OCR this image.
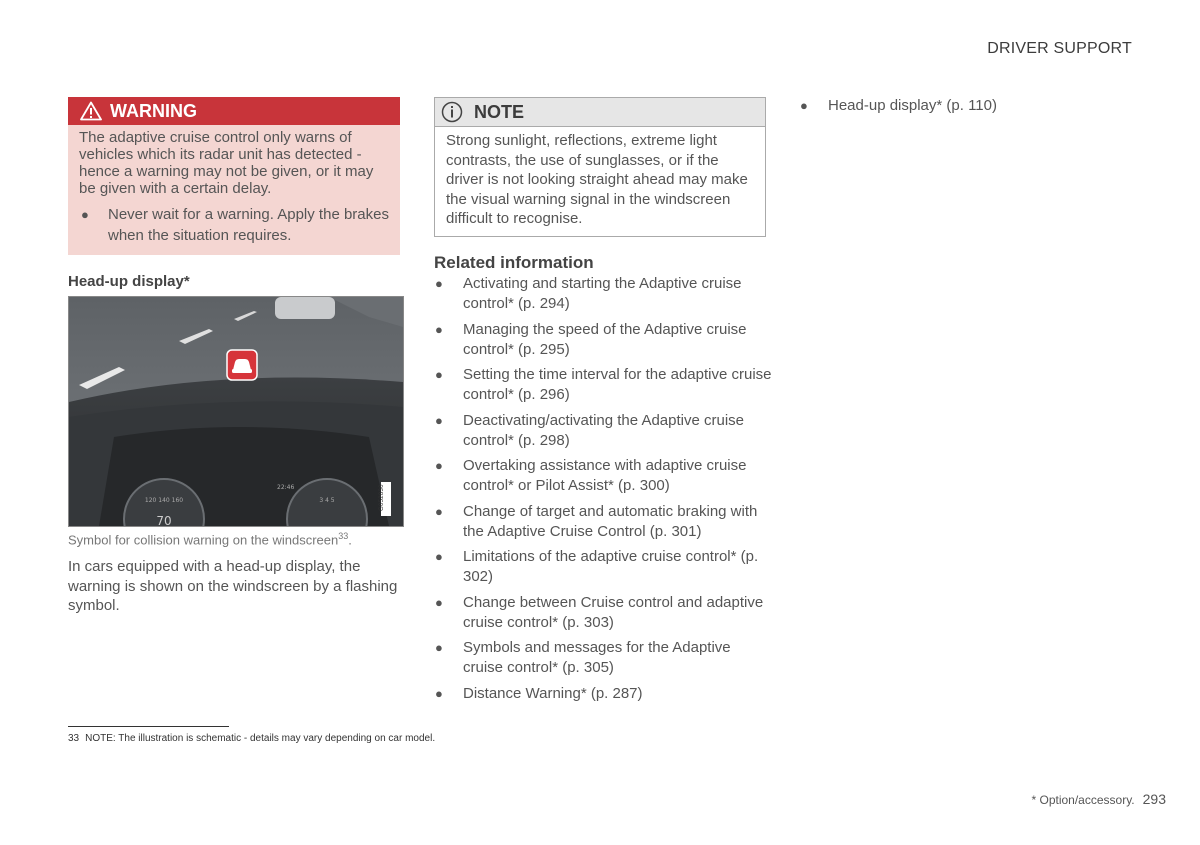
DRIVER SUPPORT
WARNING

The adaptive cruise control only warns of vehicles which its radar unit has detected - hence a warning may not be given, or it may be given with a certain delay.

●	Never wait for a warning. Apply the brakes when the situation requires.
NOTE
Strong sunlight, reflections, extreme light contrasts, the use of sunglasses, or if the driver is not looking straight ahead may make the visual warning signal in the windscreen difficult to recognise.
Head-up display*
120 140 160	3 4 5
70
22:46	G052830
Symbol for collision warning on the windscreen$^{33}$.
In cars equipped with a head-up display, the warning is shown on the windscreen by a flashing symbol.
Related information
●	Activating and starting the Adaptive cruise control* (p. 294)
●	Managing the speed of the Adaptive cruise control* (p. 295)
●	Setting the time interval for the adaptive cruise control* (p. 296)
●	Deactivating/activating the Adaptive cruise control* (p. 298)
●	Overtaking assistance with adaptive cruise control* or Pilot Assist* (p. 300)
●	Change of target and automatic braking with the Adaptive Cruise Control (p. 301)
●	Limitations of the adaptive cruise control* (p. 302)
●	Change between Cruise control and adaptive cruise control* (p. 303)
●	Symbols and messages for the Adaptive cruise control* (p. 305)
●	Distance Warning* (p. 287)
●	Head-up display* (p. 110)
33 NOTE: The illustration is schematic - details may vary depending on car model.
* Option/accessory. 293
